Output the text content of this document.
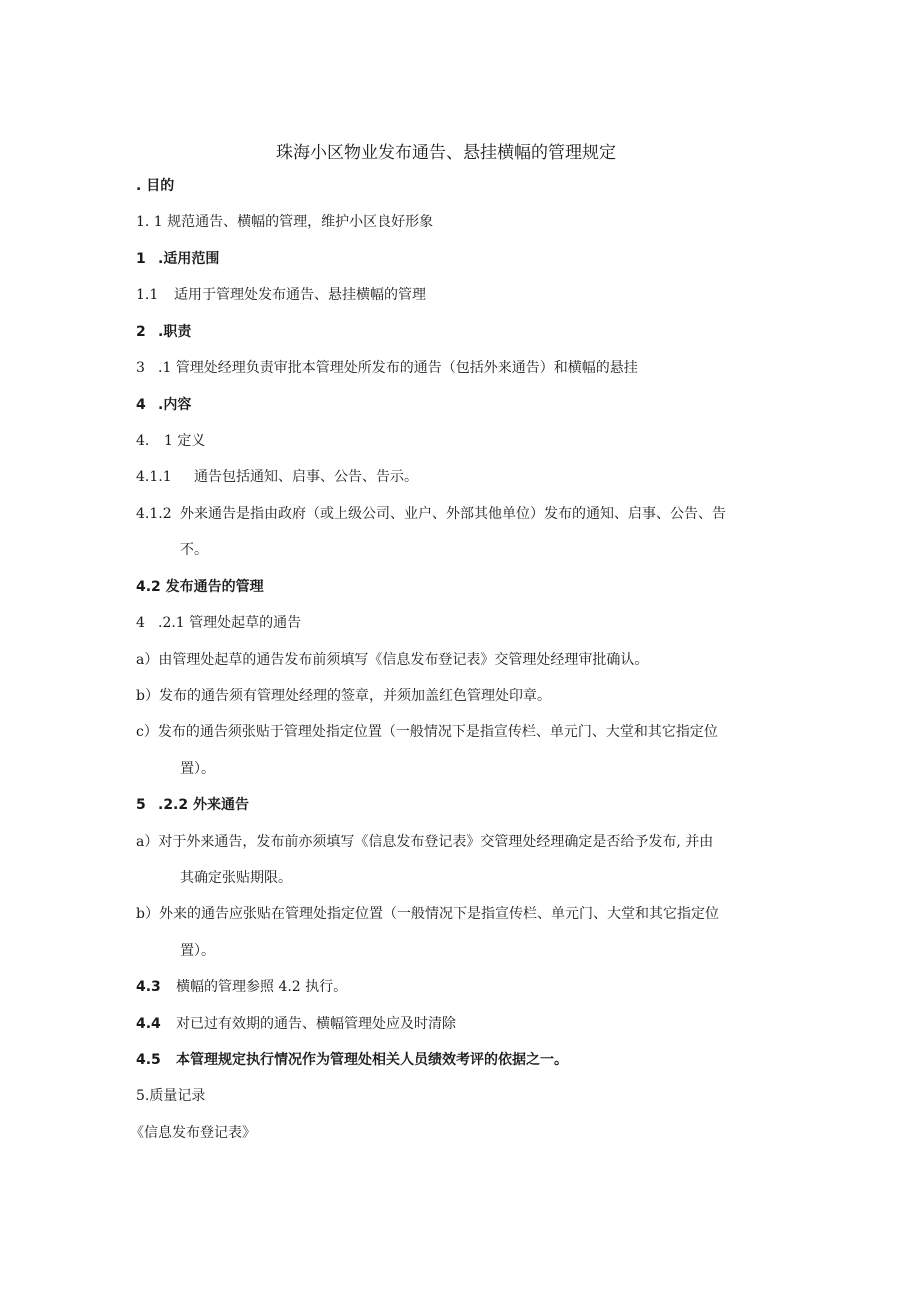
珠海小区物业发布通告、悬挂横幅的管理规定
. 目的
1. 1 规范通告、横幅的管理，维护小区良好形象
1 .适用范围
1.1 适用于管理处发布通告、悬挂横幅的管理
2 .职责
3 .1 管理处经理负责审批本管理处所发布的通告（包括外来通告）和横幅的悬挂
4 .内容
4. 1 定义
4.1.1 通告包括通知、启事、公告、告示。
4.1.2 外来通告是指由政府（或上级公司、业户、外部其他单位）发布的通知、启事、公告、告
不。
4.2 发布通告的管理
4 .2.1 管理处起草的通告
a）由管理处起草的通告发布前须填写《信息发布登记表》交管理处经理审批确认。
b）发布的通告须有管理处经理的签章，并须加盖红色管理处印章。
c）发布的通告须张贴于管理处指定位置（一般情况下是指宣传栏、单元门、大堂和其它指定位
置）。
5 .2.2 外来通告
a）对于外来通告，发布前亦须填写《信息发布登记表》交管理处经理确定是否给予发布, 并由
其确定张贴期限。
b）外来的通告应张贴在管理处指定位置（一般情况下是指宣传栏、单元门、大堂和其它指定位
置）。
4.3 横幅的管理参照 4.2 执行。
4.4 对已过有效期的通告、横幅管理处应及时清除
4.5 本管理规定执行情况作为管理处相关人员绩效考评的依据之一。
5.质量记录
《信息发布登记表》
